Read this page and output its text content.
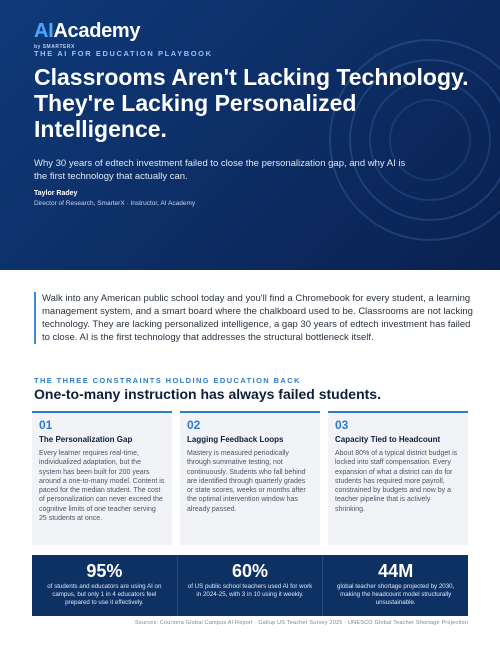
AIAcademy
by SMARTERX
THE AI FOR EDUCATION PLAYBOOK
Classrooms Aren't Lacking Technology. They're Lacking Personalized Intelligence.

Why 30 years of edtech investment failed to close the personalization gap, and why AI is the first technology that actually can.

Taylor Radey
Director of Research, SmarterX · Instructor, AI Academy

Walk into any American public school today and you'll find a Chromebook for every student, a learning management system, and a smart board where the chalkboard used to be. Classrooms are not lacking technology. They are lacking personalized intelligence, a gap 30 years of edtech investment has failed to close. AI is the first technology that addresses the structural bottleneck itself.

THE THREE CONSTRAINTS HOLDING EDUCATION BACK
One-to-many instruction has always failed students.
01
The Personalization Gap
Every learner requires real-time, individualized adaptation, but the system has been built for 200 years around a one-to-many model. Content is paced for the median student. The cost of personalization can never exceed the cognitive limits of one teacher serving 25 students at once.
02
Lagging Feedback Loops
Mastery is measured periodically through summative testing, not continuously. Students who fall behind are identified through quarterly grades or state scores, weeks or months after the optimal intervention window has already passed.
03
Capacity Tied to Headcount
About 80% of a typical district budget is locked into staff compensation. Every expansion of what a district can do for students has required more payroll, constrained by budgets and now by a teacher pipeline that is actively shrinking.
95%
of students and educators are using AI on campus, but only 1 in 4 educators feel prepared to use it effectively.
60%
of US public school teachers used AI for work in 2024-25, with 3 in 10 using it weekly.
44M
global teacher shortage projected by 2030, making the headcount model structurally unsustainable.
Sources: Coursera Global Campus AI Report · Gallup US Teacher Survey 2025 · UNESCO Global Teacher Shortage Projection
